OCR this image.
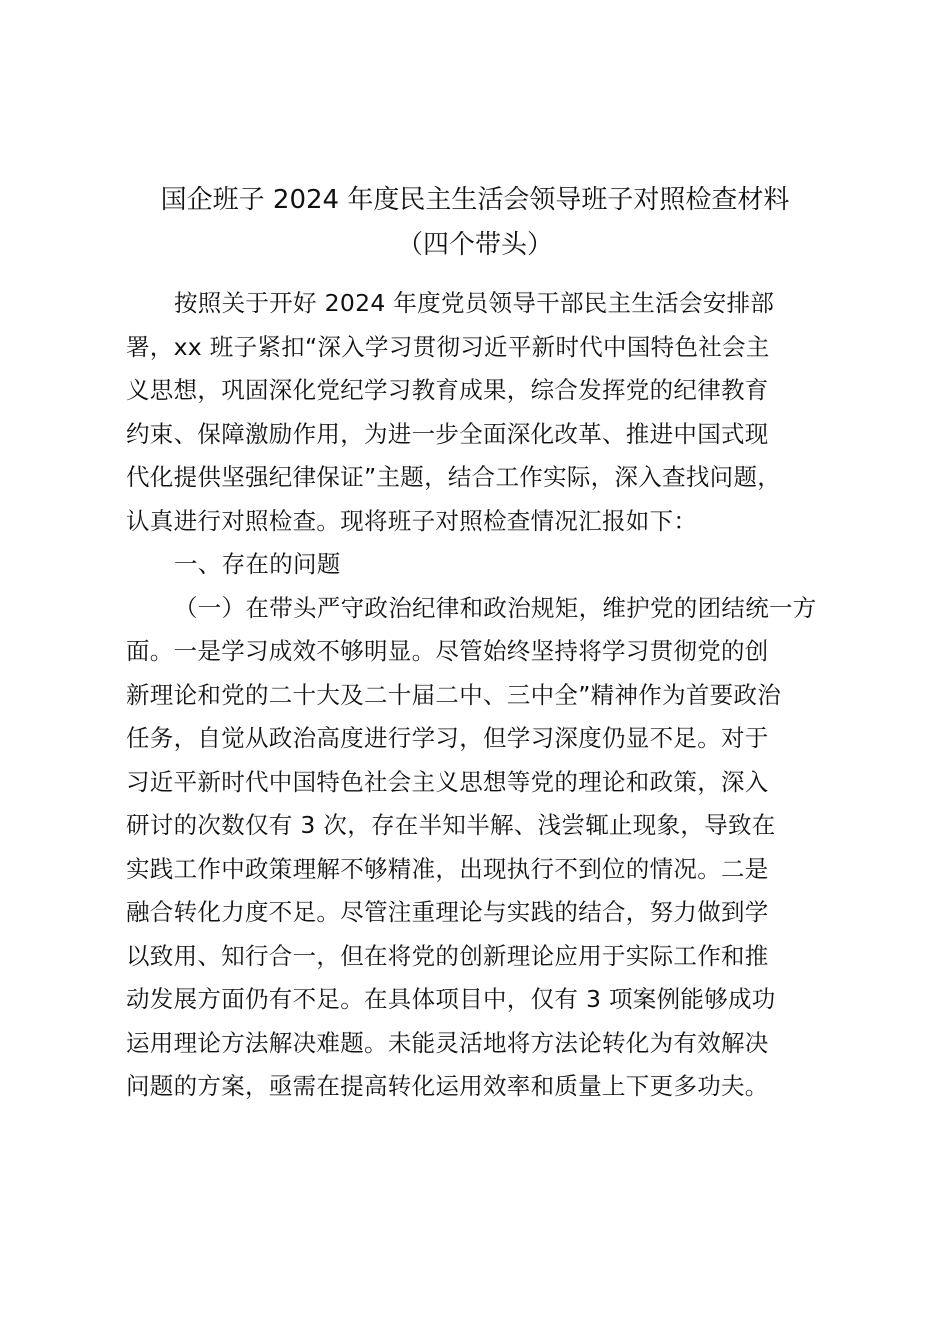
国企班子 2024 年度民主生活会领导班子对照检查材料
（四个带头）
按照关于开好 2024 年度党员领导干部民主生活会安排部
署，xx 班子紧扣“深入学习贯彻习近平新时代中国特色社会主
义思想，巩固深化党纪学习教育成果，综合发挥党的纪律教育
约束、保障激励作用，为进一步全面深化改革、推进中国式现
代化提供坚强纪律保证”主题，结合工作实际，深入查找问题，
认真进行对照检查。现将班子对照检查情况汇报如下：
一、存在的问题
（一）在带头严守政治纪律和政治规矩，维护党的团结统一方
面。一是学习成效不够明显。尽管始终坚持将学习贯彻党的创
新理论和党的二十大及二十届二中、三中全”精神作为首要政治
任务，自觉从政治高度进行学习，但学习深度仍显不足。对于
习近平新时代中国特色社会主义思想等党的理论和政策，深入
研讨的次数仅有 3 次，存在半知半解、浅尝辄止现象，导致在
实践工作中政策理解不够精准，出现执行不到位的情况。二是
融合转化力度不足。尽管注重理论与实践的结合，努力做到学
以致用、知行合一，但在将党的创新理论应用于实际工作和推
动发展方面仍有不足。在具体项目中，仅有 3 项案例能够成功
运用理论方法解决难题。未能灵活地将方法论转化为有效解决
问题的方案，亟需在提高转化运用效率和质量上下更多功夫。
